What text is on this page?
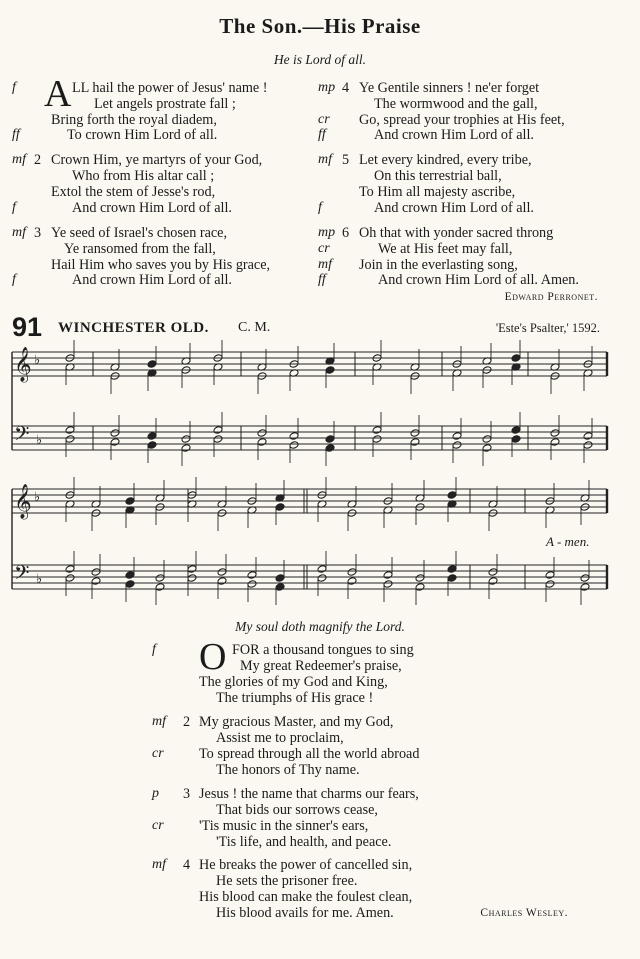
The Son.—His Praise
He is Lord of all.
f A LL hail the power of Jesus' name !
Let angels prostrate fall ;
Bring forth the royal diadem,
ff	To crown Him Lord of all.
mf 2 Crown Him, ye martyrs of your God,
Who from His altar call ;
Extol the stem of Jesse's rod,
f	And crown Him Lord of all.
mf 3 Ye seed of Israel's chosen race,
Ye ransomed from the fall,
Hail Him who saves you by His grace,
f	And crown Him Lord of all.
mp 4 Ye Gentile sinners ! ne'er forget
The wormwood and the gall,
cr Go, spread your trophies at His feet,
ff	And crown Him Lord of all.
mf 5 Let every kindred, every tribe,
On this terrestrial ball,
To Him all majesty ascribe,
f	And crown Him Lord of all.
mp 6 Oh that with yonder sacred throng
cr	We at His feet may fall,
mf Join in the everlasting song,
ff	And crown Him Lord of all. Amen.
Edward Perronet.
91 WINCHESTER OLD. C. M.	'Este's Psalter,' 1592.
𝄞
𝄢
♭
♭
𝄞
𝄢
♭
♭
A - men.
My soul doth magnify the Lord.
f O FOR a thousand tongues to sing
My great Redeemer's praise,
The glories of my God and King,
The triumphs of His grace !
mf 2 My gracious Master, and my God,
Assist me to proclaim,
cr To spread through all the world abroad
The honors of Thy name.
p 3 Jesus ! the name that charms our fears,
That bids our sorrows cease,
cr 'Tis music in the sinner's ears,
'Tis life, and health, and peace.
mf 4 He breaks the power of cancelled sin,
He sets the prisoner free.
His blood can make the foulest clean,
His blood avails for me. Amen.	Charles Wesley.
